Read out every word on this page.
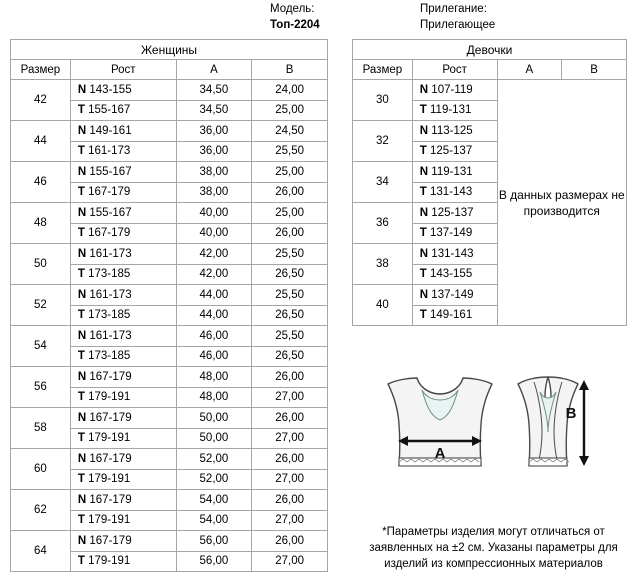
Модель:
Топ-2204
Прилегание:
Прилегающее
Женщины			
Размер	Рост	A	B
42	N 143-155	34,50	24,00
	T 155-167	34,50	25,00
44	N 149-161	36,00	24,50
	T 161-173	36,00	25,50
46	N 155-167	38,00	25,00
	T 167-179	38,00	26,00
48	N 155-167	40,00	25,00
	T 167-179	40,00	26,00
50	N 161-173	42,00	25,50
	T 173-185	42,00	26,50
52	N 161-173	44,00	25,50
	T 173-185	44,00	26,50
54	N 161-173	46,00	25,50
	T 173-185	46,00	26,50
56	N 167-179	48,00	26,00
	T 179-191	48,00	27,00
58	N 167-179	50,00	26,00
	T 179-191	50,00	27,00
60	N 167-179	52,00	26,00
	T 179-191	52,00	27,00
62	N 167-179	54,00	26,00
	T 179-191	54,00	27,00
64	N 167-179	56,00	26,00
	T 179-191	56,00	27,00
Девочки			
Размер	Рост	A	B
30	N 107-119	В данных размерах не производится	
	T 119-131		
32	N 113-125		
	T 125-137		
34	N 119-131		
	T 131-143		
36	N 125-137		
	T 137-149		
38	N 131-143		
	T 143-155		
40	N 137-149		
	T 149-161		
A
B
*Параметры изделия могут отличаться от заявленных на ±2 см. Указаны параметры для изделий из компрессионных материалов
